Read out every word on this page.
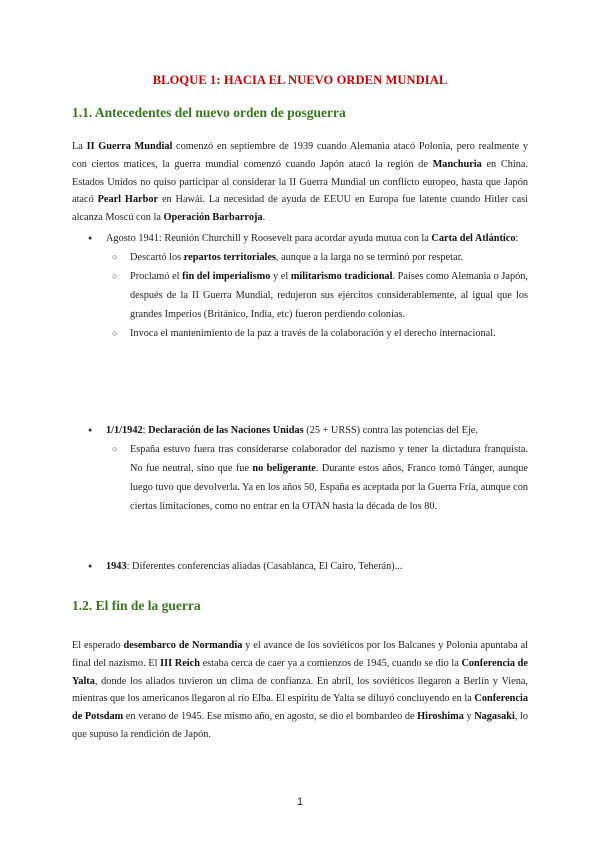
BLOQUE 1: HACIA EL NUEVO ORDEN MUNDIAL
1.1. Antecedentes del nuevo orden de posguerra

La II Guerra Mundial comenzó en septiembre de 1939 cuando Alemania atacó Polonia, pero realmente y con ciertos matices, la guerra mundial comenzó cuando Japón atacó la región de Manchuria en China. Estados Unidos no quiso participar al considerar la II Guerra Mundial un conflicto europeo, hasta que Japón atacó Pearl Harbor en Hawái. La necesidad de ayuda de EEUU en Europa fue latente cuando Hitler casi alcanza Moscú con la Operación Barbarroja.

● Agosto 1941: Reunión Churchill y Roosevelt para acordar ayuda mutua con la Carta del Atlántico:
○ Descartó los repartos territoriales, aunque a la larga no se terminó por respetar.
○ Proclamó el fin del imperialismo y el militarismo tradicional. Países como Alemania o Japón, después de la II Guerra Mundial, redujeron sus ejércitos considerablemente, al igual que los grandes Imperios (Británico, India, etc) fueron perdiendo colonias.
○ Invoca el mantenimiento de la paz a través de la colaboración y el derecho internacional.
● 1/1/1942: Declaración de las Naciones Unidas (25 + URSS) contra las potencias del Eje.
○ España estuvo fuera tras considerarse colaborador del nazismo y tener la dictadura franquista. No fue neutral, sino que fue no beligerante. Durante estos años, Franco tomó Tánger, aunque luego tuvo que devolverla. Ya en los años 50, España es aceptada por la Guerra Fría, aunque con ciertas limitaciones, como no entrar en la OTAN hasta la década de los 80.
● 1943: Diferentes conferencias aliadas (Casablanca, El Cairo, Teherán)...
1.2. El fin de la guerra

El esperado desembarco de Normandía y el avance de los soviéticos por los Balcanes y Polonia apuntaba al final del nazismo. El III Reich estaba cerca de caer ya a comienzos de 1945, cuando se dio la Conferencia de Yalta, donde los aliados tuvieron un clima de confianza. En abril, los soviéticos llegaron a Berlín y Viena, mientras que los americanos llegaron al río Elba. El espíritu de Yalta se diluyó concluyendo en la Conferencia de Potsdam en verano de 1945. Ese mismo año, en agosto, se dio el bombardeo de Hiroshima y Nagasaki, lo que supuso la rendición de Japón.

1
